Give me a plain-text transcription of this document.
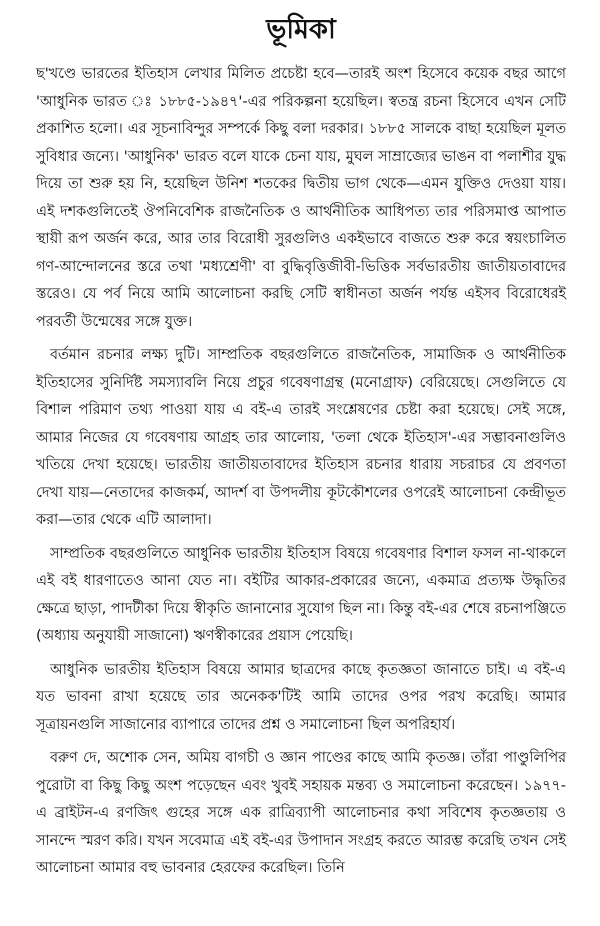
ভূমিকা

ছ'খণ্ডে ভারতের ইতিহাস লেখার মিলিত প্রচেষ্টা হবে—তারই অংশ হিসেবে কয়েক বছর আগে 'আধুনিক ভারত ঃ ১৮৮৫-১৯৪৭'-এর পরিকল্পনা হয়েছিল। স্বতন্ত্র রচনা হিসেবে এখন সেটি প্রকাশিত হলো। এর সূচনাবিন্দুর সম্পর্কে কিছু বলা দরকার। ১৮৮৫ সালকে বাছা হয়েছিল মূলত সুবিধার জন্যে। 'আধুনিক' ভারত বলে যাকে চেনা যায়, মুঘল সাম্রাজ্যের ভাঙন বা পলাশীর যুদ্ধ দিয়ে তা শুরু হয় নি, হয়েছিল উনিশ শতকের দ্বিতীয় ভাগ থেকে—এমন যুক্তিও দেওয়া যায়। এই দশকগুলিতেই ঔপনিবেশিক রাজনৈতিক ও আর্থনীতিক আধিপত্য তার পরিসমাপ্ত আপাত স্থায়ী রূপ অর্জন করে, আর তার বিরোধী সুরগুলিও একইভাবে বাজতে শুরু করে স্বয়ংচালিত গণ-আন্দোলনের স্তরে তথা 'মধ্যশ্রেণী' বা বুদ্ধিবৃত্তিজীবী-ভিত্তিক সর্বভারতীয় জাতীয়তাবাদের স্তরেও। যে পর্ব নিয়ে আমি আলোচনা করছি সেটি স্বাধীনতা অর্জন পর্যন্ত এইসব বিরোধেরই পরবর্তী উন্মেষের সঙ্গে যুক্ত।

বর্তমান রচনার লক্ষ্য দুটি। সাম্প্রতিক বছরগুলিতে রাজনৈতিক, সামাজিক ও আর্থনীতিক ইতিহাসের সুনির্দিষ্ট সমস্যাবলি নিয়ে প্রচুর গবেষণাগ্রন্থ (মনোগ্রাফ) বেরিয়েছে। সেগুলিতে যে বিশাল পরিমাণ তথ্য পাওয়া যায় এ বই-এ তারই সংশ্লেষণের চেষ্টা করা হয়েছে। সেই সঙ্গে, আমার নিজের যে গবেষণায় আগ্রহ তার আলোয়, 'তলা থেকে ইতিহাস'-এর সম্ভাবনাগুলিও খতিয়ে দেখা হয়েছে। ভারতীয় জাতীয়তাবাদের ইতিহাস রচনার ধারায় সচরাচর যে প্রবণতা দেখা যায়—নেতাদের কাজকর্ম, আদর্শ বা উপদলীয় কূটকৌশলের ওপরেই আলোচনা কেন্দ্রীভূত করা—তার থেকে এটি আলাদা।

সাম্প্রতিক বছরগুলিতে আধুনিক ভারতীয় ইতিহাস বিষয়ে গবেষণার বিশাল ফসল না-থাকলে এই বই ধারণাতেও আনা যেত না। বইটির আকার-প্রকারের জন্যে, একমাত্র প্রত্যক্ষ উদ্ধৃতির ক্ষেত্রে ছাড়া, পাদটীকা দিয়ে স্বীকৃতি জানানোর সুযোগ ছিল না। কিন্তু বই-এর শেষে রচনাপঞ্জিতে (অধ্যায় অনুযায়ী সাজানো) ঋণস্বীকারের প্রয়াস পেয়েছি।

আধুনিক ভারতীয় ইতিহাস বিষয়ে আমার ছাত্রদের কাছে কৃতজ্ঞতা জানাতে চাই। এ বই-এ যত ভাবনা রাখা হয়েছে তার অনেকক'টিই আমি তাদের ওপর পরখ করেছি। আমার সূত্রায়নগুলি সাজানোর ব্যাপারে তাদের প্রশ্ন ও সমালোচনা ছিল অপরিহার্য।

বরুণ দে, অশোক সেন, অমিয় বাগচী ও জ্ঞান পাণ্ডের কাছে আমি কৃতজ্ঞ। তাঁরা পাণ্ডুলিপির পুরোটা বা কিছু কিছু অংশ পড়েছেন এবং খুবই সহায়ক মন্তব্য ও সমালোচনা করেছেন। ১৯৭৭-এ ব্রাইটন-এ রণজিৎ গুহের সঙ্গে এক রাত্রিব্যাপী আলোচনার কথা সবিশেষ কৃতজ্ঞতায় ও সানন্দে স্মরণ করি। যখন সবেমাত্র এই বই-এর উপাদান সংগ্রহ করতে আরম্ভ করেছি তখন সেই আলোচনা আমার বহু ভাবনার হেরফের করেছিল। তিনি
